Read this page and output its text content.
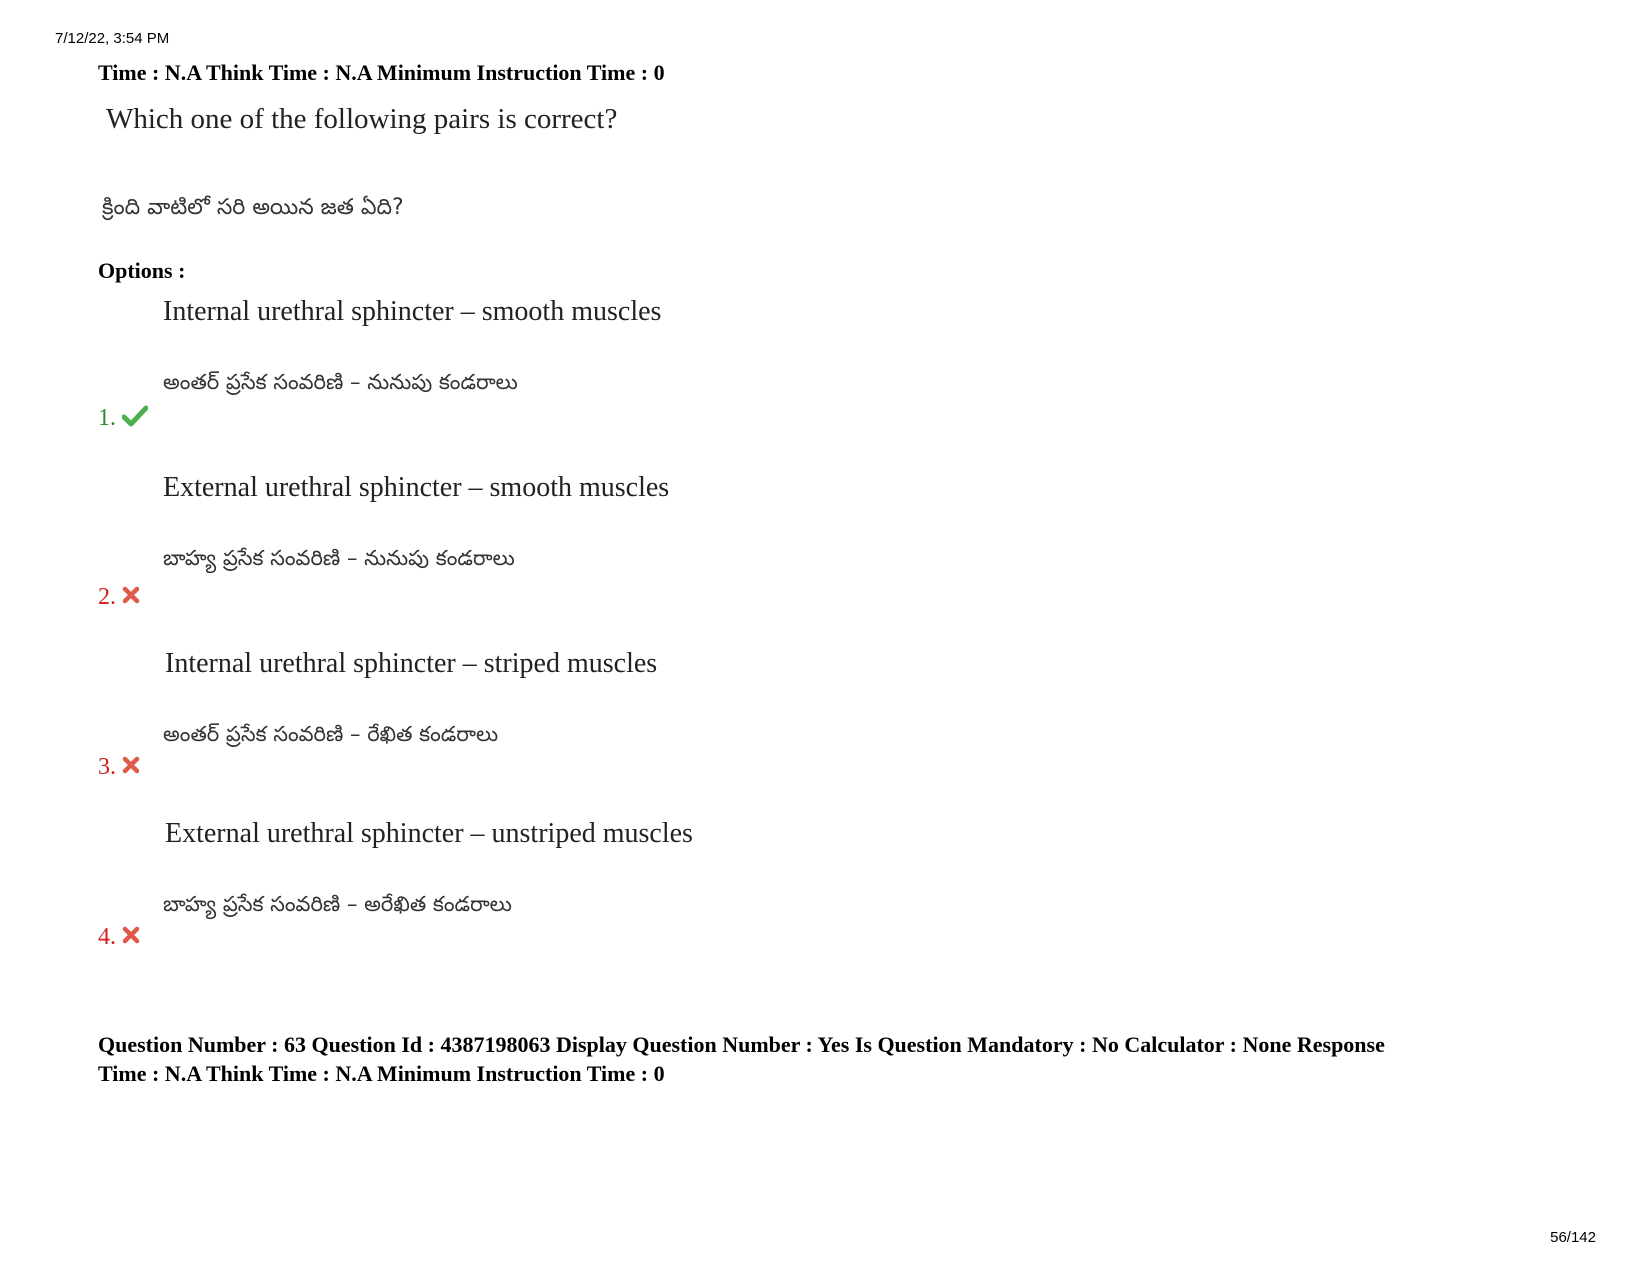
7/12/22, 3:54 PM
Time : N.A Think Time : N.A Minimum Instruction Time : 0
Which one of the following pairs is correct?
క్రింది వాటిలో సరి అయిన జత ఏది?
Options :
Internal urethral sphincter – smooth muscles
అంతర్ ప్రసేక సంవరిణి – నునుపు కండరాలు
1.
External urethral sphincter – smooth muscles
బాహ్య ప్రసేక సంవరిణి – నునుపు కండరాలు
2.
Internal urethral sphincter – striped muscles
అంతర్ ప్రసేక సంవరిణి – రేఖిత కండరాలు
3.
External urethral sphincter – unstriped muscles
బాహ్య ప్రసేక సంవరిణి – అరేఖిత కండరాలు
4.
Question Number : 63 Question Id : 4387198063 Display Question Number : Yes Is Question Mandatory : No Calculator : None Response
Time : N.A Think Time : N.A Minimum Instruction Time : 0
56/142
